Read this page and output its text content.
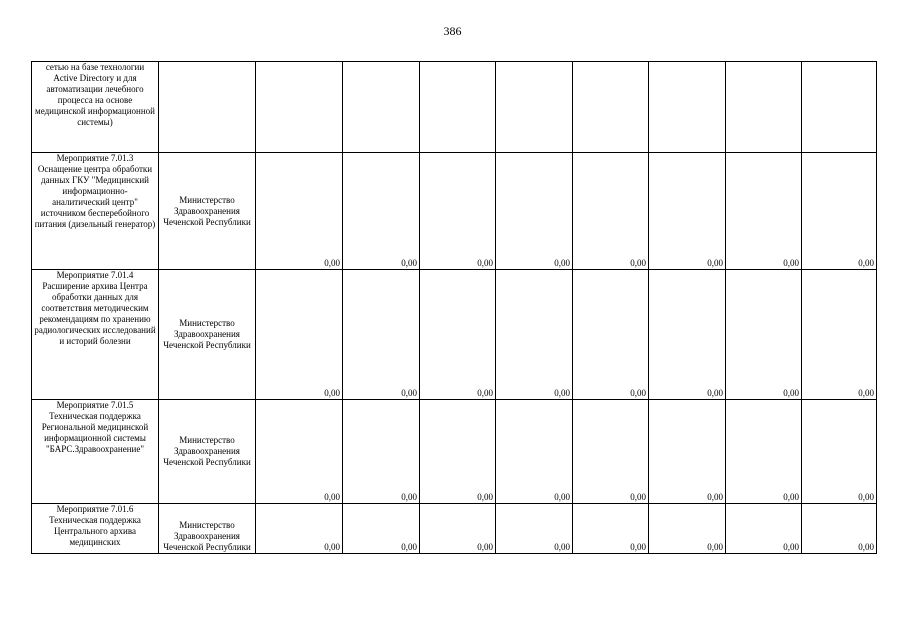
386
сетью на базе технологии Active Directory и для автоматизации лечебного процесса на основе медицинской информационной системы)									
Мероприятие 7.01.3 Оснащение центра обработки данных ГКУ "Медицинский информационно-аналитический центр" источником бесперебойного питания (дизельный генератор)	Министерство Здравоохранения Чеченской Республики	0,00	0,00	0,00	0,00	0,00	0,00	0,00	0,00
Мероприятие 7.01.4 Расширение архива Центра обработки данных для соответствия методическим рекомендациям по хранению радиологических исследований и историй болезни	Министерство Здравоохранения Чеченской Республики	0,00	0,00	0,00	0,00	0,00	0,00	0,00	0,00
Мероприятие 7.01.5 Техническая поддержка Региональной медицинской информационной системы "БАРС.Здравоохранение"	Министерство Здравоохранения Чеченской Республики	0,00	0,00	0,00	0,00	0,00	0,00	0,00	0,00
Мероприятие 7.01.6 Техническая поддержка Центрального архива медицинских	Министерство Здравоохранения Чеченской Республики	0,00	0,00	0,00	0,00	0,00	0,00	0,00	0,00
